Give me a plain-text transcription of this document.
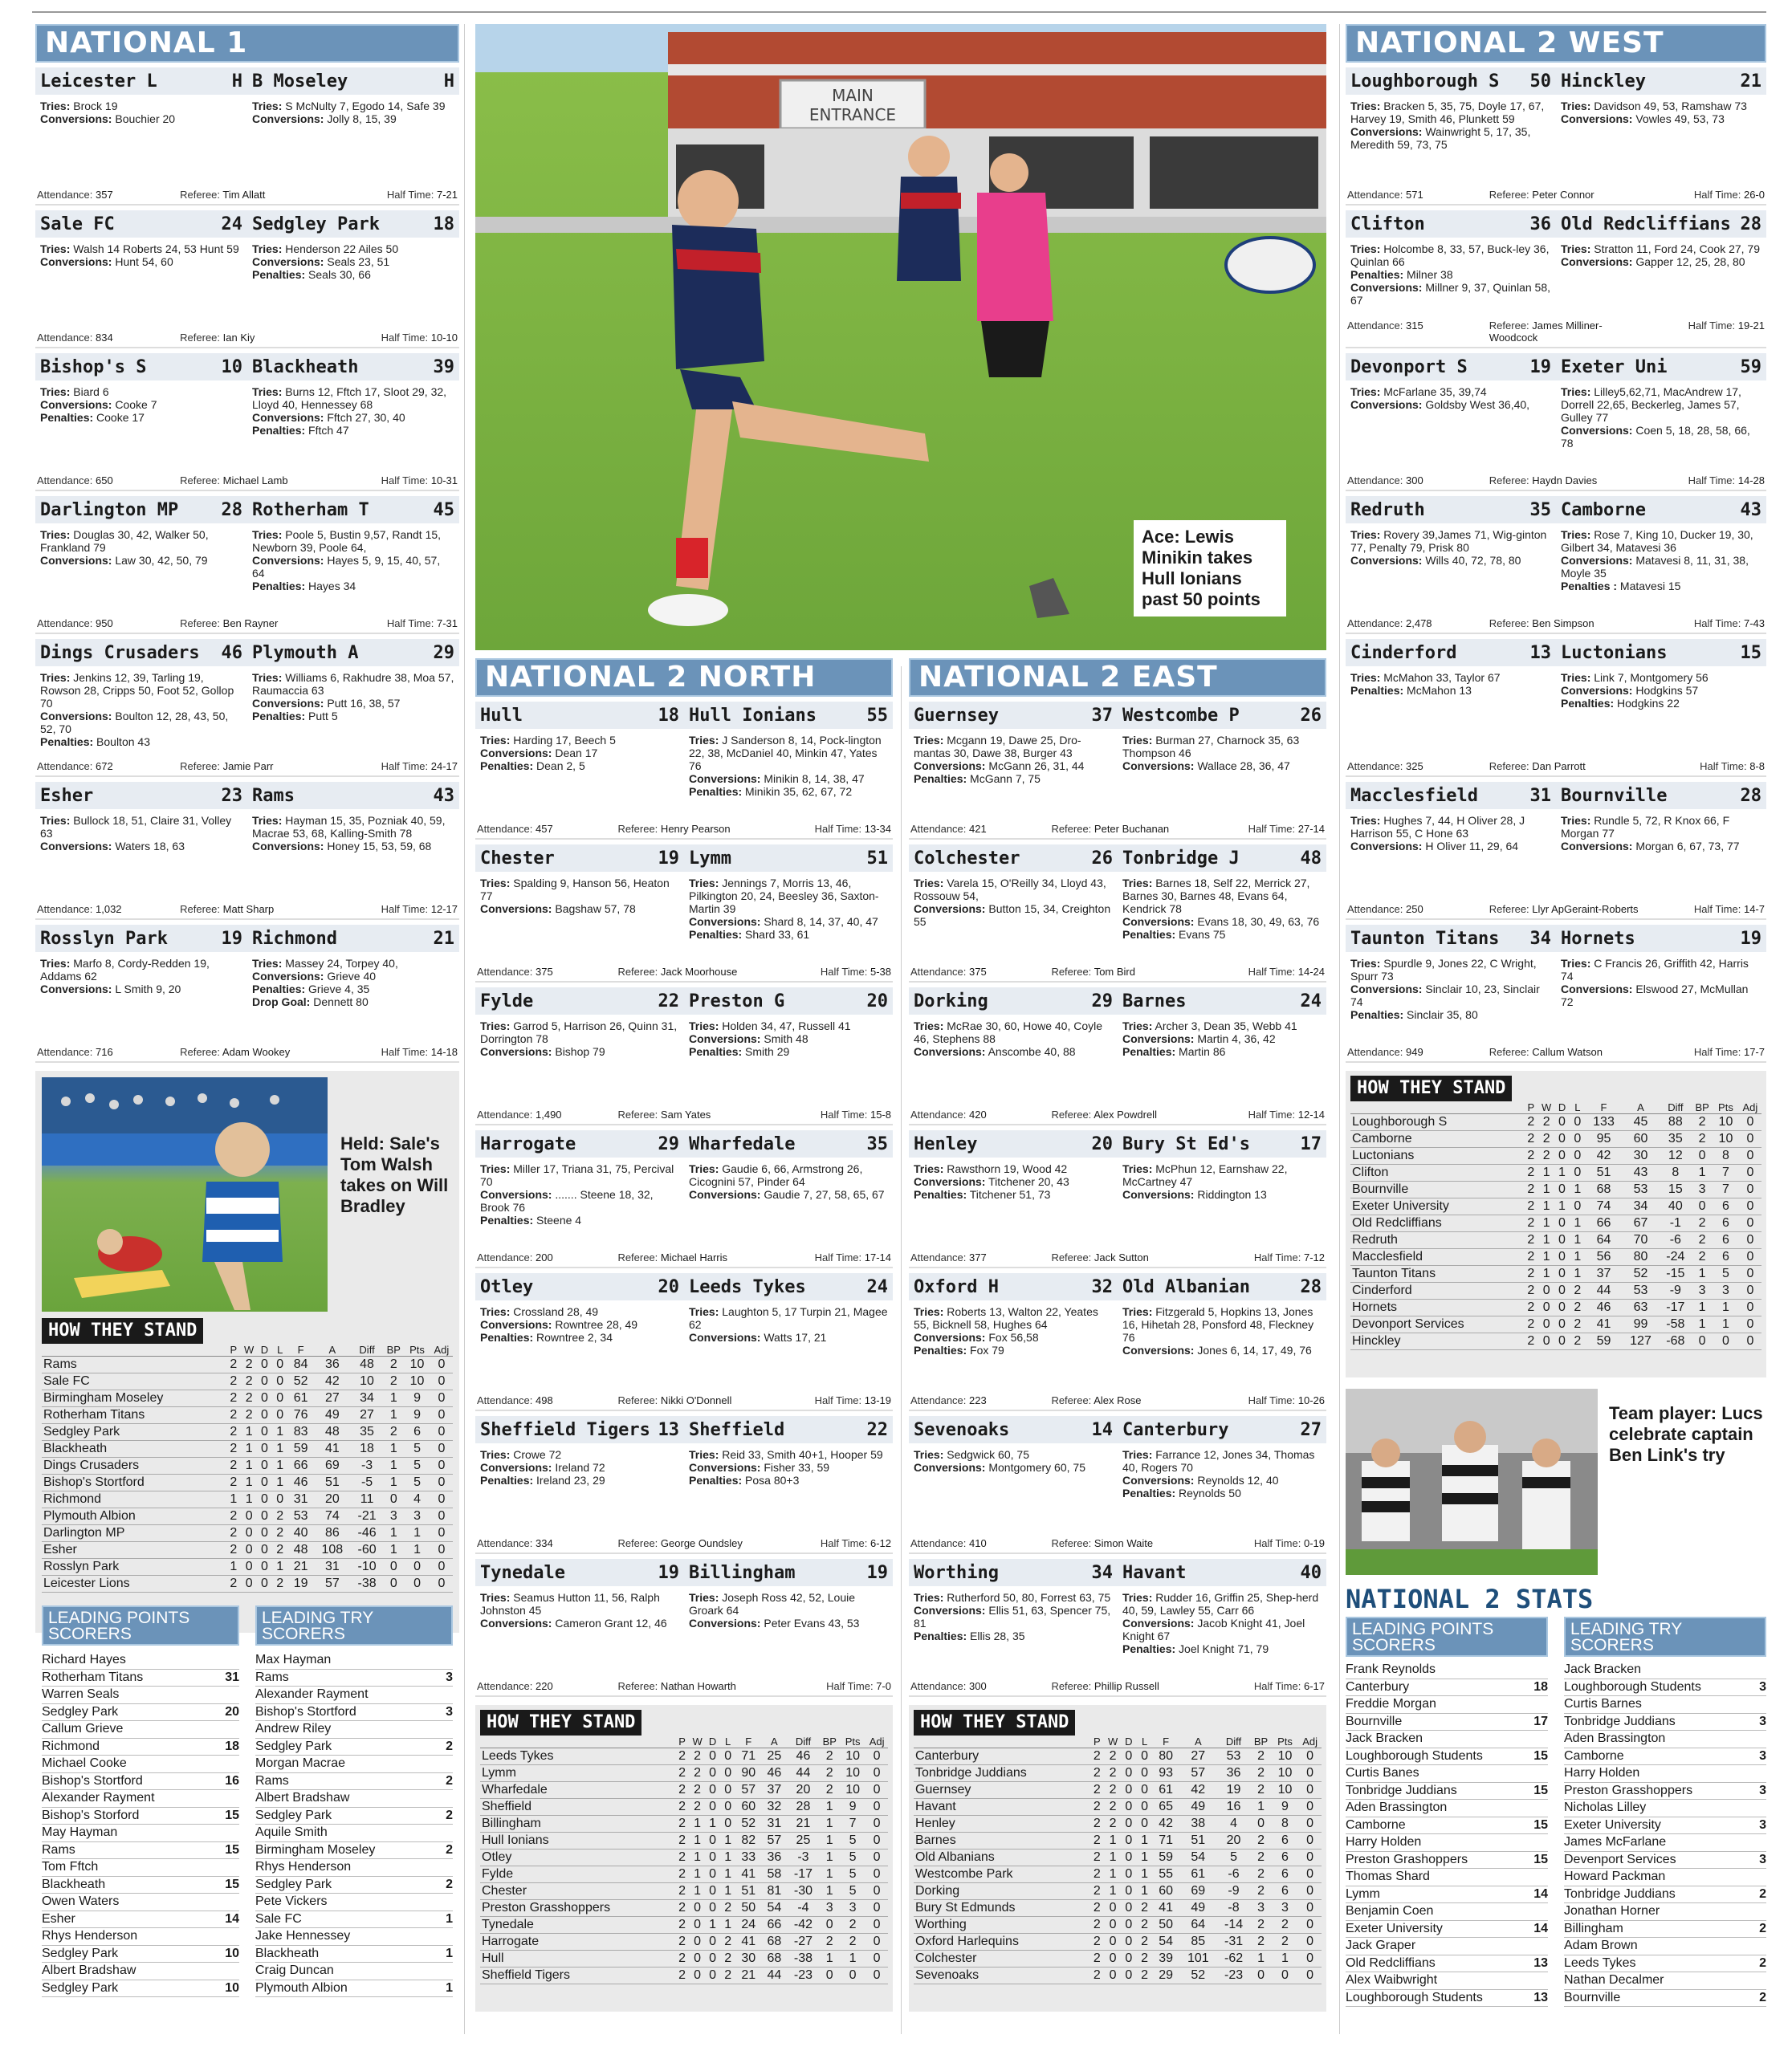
NATIONAL 1
Leicester L	H B Moseley	H
Tries: Brock 19
Conversions: Bouchier 20
Tries: S McNulty 7, Egodo 14, Safe 39
Conversions: Jolly 8, 15, 39
Attendance: 357	Referee: Tim Allatt	Half Time: 7-21
Sale FC	24 Sedgley Park	18
Tries: Walsh 14 Roberts 24, 53 Hunt 59
Conversions: Hunt 54, 60
Tries: Henderson 22 Ailes 50
Conversions: Seals 23, 51
Penalties: Seals 30, 66
Attendance: 834	Referee: Ian Kiy	Half Time: 10-10
Bishop's S	10 Blackheath	39
Tries: Biard 6
Conversions: Cooke 7
Penalties: Cooke 17
Tries: Burns 12, Fftch 17, Sloot 29, 32, Lloyd 40, Hennessey 68
Conversions: Fftch 27, 30, 40
Penalties: Fftch 47
Attendance: 650	Referee: Michael Lamb	Half Time: 10-31
Darlington MP 28 Rotherham T	45
Tries: Douglas 30, 42, Walker 50, Frankland 79
Conversions: Law 30, 42, 50, 79
Tries: Poole 5, Bustin 9,57, Randt 15, Newborn 39, Poole 64,
Conversions: Hayes 5, 9, 15, 40, 57, 64
Penalties: Hayes 34
Attendance: 950	Referee: Ben Rayner	Half Time: 7-31
Dings Crusaders 46 Plymouth A	29
Tries: Jenkins 12, 39, Tarling 19, Rowson 28, Cripps 50, Foot 52, Gollop 70
Conversions: Boulton 12, 28, 43, 50, 52, 70
Penalties: Boulton 43
Tries: Williams 6, Rakhudre 38, Moa 57, Raumaccia 63
Conversions: Putt 16, 38, 57
Penalties: Putt 5
Attendance: 672	Referee: Jamie Parr	Half Time: 24-17
Esher	23 Rams	43
Tries: Bullock 18, 51, Claire 31, Volley 63
Conversions: Waters 18, 63
Tries: Hayman 15, 35, Pozniak 40, 59, Macrae 53, 68, Kalling-Smith 78
Conversions: Honey 15, 53, 59, 68
Attendance: 1,032	Referee: Matt Sharp	Half Time: 12-17
Rosslyn Park	19 Richmond	21
Tries: Marfo 8, Cordy-Redden 19, Addams 62
Conversions: L Smith 9, 20
Tries: Massey 24, Torpey 40,
Conversions: Grieve 40
Penalties: Grieve 4, 35
Drop Goal: Dennett 80
Attendance: 716	Referee: Adam Wookey	Half Time: 14-18
Held: Sale's Tom Walsh takes on Will Bradley
HOW THEY STAND
	P	W	D	L	F	A	Diff	BP	Pts	Adj
Rams	2	2	0	0	84	36	48	2	10	0
Sale FC	2	2	0	0	52	42	10	2	10	0
Birmingham Moseley	2	2	0	0	61	27	34	1	9	0
Rotherham Titans	2	2	0	0	76	49	27	1	9	0
Sedgley Park	2	1	0	1	83	48	35	2	6	0
Blackheath	2	1	0	1	59	41	18	1	5	0
Dings Crusaders	2	1	0	1	66	69	-3	1	5	0
Bishop's Stortford	2	1	0	1	46	51	-5	1	5	0
Richmond	1	1	0	0	31	20	11	0	4	0
Plymouth Albion	2	0	0	2	53	74	-21	3	3	0
Darlington MP	2	0	0	2	40	86	-46	1	1	0
Esher	2	0	0	2	48	108	-60	1	1	0
Rosslyn Park	1	0	0	1	21	31	-10	0	0	0
Leicester Lions	2	0	0	2	19	57	-38	0	0	0
LEADING POINTS SCORERS
Richard Hayes
Rotherham Titans	31
Warren Seals
Sedgley Park	20
Callum Grieve
Richmond	18
Michael Cooke
Bishop's Stortford	16
Alexander Rayment
Bishop's Storford	15
May Hayman
Rams	15
Tom Fftch
Blackheath	15
Owen Waters
Esher	14
Rhys Henderson
Sedgley Park	10
Albert Bradshaw
Sedgley Park	10
LEADING TRY SCORERS
Max Hayman
Rams	3
Alexander Rayment
Bishop's Stortford	3
Andrew Riley
Sedgley Park	2
Morgan Macrae
Rams	2
Albert Bradshaw
Sedgley Park	2
Aquile Smith
Birmingham Moseley	2
Rhys Henderson
Sedgley Park	2
Pete Vickers
Sale FC	1
Jake Hennessey
Blackheath	1
Craig Duncan
Plymouth Albion	1
MAIN
ENTRANCE
Ace: Lewis Minikin takes Hull Ionians past 50 points
NATIONAL 2 NORTH
Hull	18 Hull Ionians	55
Tries: Harding 17, Beech 5
Conversions: Dean 17
Penalties: Dean 2, 5
Tries: J Sanderson 8, 14, Pock-lington 22, 38, McDaniel 40, Minkin 47, Yates 76
Conversions: Minikin 8, 14, 38, 47
Penalties: Minikin 35, 62, 67, 72
Attendance: 457	Referee: Henry Pearson	Half Time: 13-34
Chester	19 Lymm	51
Tries: Spalding 9, Hanson 56, Heaton 77
Conversions: Bagshaw 57, 78
Tries: Jennings 7, Morris 13, 46, Pilkington 20, 24, Beesley 36, Saxton-Martin 39
Conversions: Shard 8, 14, 37, 40, 47
Penalties: Shard 33, 61
Attendance: 375	Referee: Jack Moorhouse	Half Time: 5-38
Fylde	22 Preston G	20
Tries: Garrod 5, Harrison 26, Quinn 31, Dorrington 78
Conversions: Bishop 79
Tries: Holden 34, 47, Russell 41
Conversions: Smith 48
Penalties: Smith 29
Attendance: 1,490	Referee: Sam Yates	Half Time: 15-8
Harrogate	29 Wharfedale	35
Tries: Miller 17, Triana 31, 75, Percival 70
Conversions: ....... Steene 18, 32, Brook 76
Penalties: Steene 4
Tries: Gaudie 6, 66, Armstrong 26, Cicognini 57, Pinder 64
Conversions: Gaudie 7, 27, 58, 65, 67
Attendance: 200	Referee: Michael Harris	Half Time: 17-14
Otley	20 Leeds Tykes	24
Tries: Crossland 28, 49
Conversions: Rowntree 28, 49
Penalties: Rowntree 2, 34
Tries: Laughton 5, 17 Turpin 21, Magee 62
Conversions: Watts 17, 21
Attendance: 498	Referee: Nikki O'Donnell	Half Time: 13-19
Sheffield Tigers 13 Sheffield	22
Tries: Crowe 72
Conversions: Ireland 72
Penalties: Ireland 23, 29
Tries: Reid 33, Smith 40+1, Hooper 59
Conversions: Fisher 33, 59
Penalties: Posa 80+3
Attendance: 334	Referee: George Oundsley	Half Time: 6-12
Tynedale	19 Billingham	19
Tries: Seamus Hutton 11, 56, Ralph Johnston 45
Conversions: Cameron Grant 12, 46
Tries: Joseph Ross 42, 52, Louie Groark 64
Conversions: Peter Evans 43, 53
Attendance: 220	Referee: Nathan Howarth	Half Time: 7-0
HOW THEY STAND
	P	W	D	L	F	A	Diff	BP	Pts	Adj
Leeds Tykes	2	2	0	0	71	25	46	2	10	0
Lymm	2	2	0	0	90	46	44	2	10	0
Wharfedale	2	2	0	0	57	37	20	2	10	0
Sheffield	2	2	0	0	60	32	28	1	9	0
Billingham	2	1	1	0	52	31	21	1	7	0
Hull Ionians	2	1	0	1	82	57	25	1	5	0
Otley	2	1	0	1	33	36	-3	1	5	0
Fylde	2	1	0	1	41	58	-17	1	5	0
Chester	2	1	0	1	51	81	-30	1	5	0
Preston Grasshoppers	2	0	0	2	50	54	-4	3	3	0
Tynedale	2	0	1	1	24	66	-42	0	2	0
Harrogate	2	0	0	2	41	68	-27	2	2	0
Hull	2	0	0	2	30	68	-38	1	1	0
Sheffield Tigers	2	0	0	2	21	44	-23	0	0	0
NATIONAL 2 EAST
Guernsey	37 Westcombe P	26
Tries: Mcgann 19, Dawe 25, Dro-mantas 30, Dawe 38, Burger 43
Conversions: McGann 26, 31, 44
Penalties: McGann 7, 75
Tries: Burman 27, Charnock 35, 63 Thompson 46
Conversions: Wallace 28, 36, 47
Attendance: 421	Referee: Peter Buchanan	Half Time: 27-14
Colchester	26 Tonbridge J	48
Tries: Varela 15, O'Reilly 34, Lloyd 43, Rossouw 54,
Conversions: Button 15, 34, Creighton 55
Tries: Barnes 18, Self 22, Merrick 27, Barnes 30, Barnes 48, Evans 64, Kendrick 78
Conversions: Evans 18, 30, 49, 63, 76
Penalties: Evans 75
Attendance: 375	Referee: Tom Bird	Half Time: 14-24
Dorking	29 Barnes	24
Tries: McRae 30, 60, Howe 40, Coyle 46, Stephens 88
Conversions: Anscombe 40, 88
Tries: Archer 3, Dean 35, Webb 41
Conversions: Martin 4, 36, 42
Penalties: Martin 86
Attendance: 420	Referee: Alex Powdrell	Half Time: 12-14
Henley	20 Bury St Ed's	17
Tries: Rawsthorn 19, Wood 42
Conversions: Titchener 20, 43
Penalties: Titchener 51, 73
Tries: McPhun 12, Earnshaw 22, McCartney 47
Conversions: Riddington 13
Attendance: 377	Referee: Jack Sutton	Half Time: 7-12
Oxford H	32 Old Albanian	28
Tries: Roberts 13, Walton 22, Yeates 55, Bicknell 58, Hughes 64
Conversions: Fox 56,58
Penalties: Fox 79
Tries: Fitzgerald 5, Hopkins 13, Jones 16, Hihetah 28, Ponsford 48, Fleckney 76
Conversions: Jones 6, 14, 17, 49, 76
Attendance: 223	Referee: Alex Rose	Half Time: 10-26
Sevenoaks	14 Canterbury	27
Tries: Sedgwick 60, 75
Conversions: Montgomery 60, 75
Tries: Farrance 12, Jones 34, Thomas 40, Rogers 70
Conversions: Reynolds 12, 40
Penalties: Reynolds 50
Attendance: 410	Referee: Simon Waite	Half Time: 0-19
Worthing	34 Havant	40
Tries: Rutherford 50, 80, Forrest 63, 75
Conversions: Ellis 51, 63, Spencer 75, 81
Penalties: Ellis 28, 35
Tries: Rudder 16, Griffin 25, Shep-herd 40, 59, Lawley 55, Carr 66
Conversions: Jacob Knight 41, Joel Knight 67
Penalties: Joel Knight 71, 79
Attendance: 300	Referee: Phillip Russell	Half Time: 6-17
HOW THEY STAND
	P	W	D	L	F	A	Diff	BP	Pts	Adj
Canterbury	2	2	0	0	80	27	53	2	10	0
Tonbridge Juddians	2	2	0	0	93	57	36	2	10	0
Guernsey	2	2	0	0	61	42	19	2	10	0
Havant	2	2	0	0	65	49	16	1	9	0
Henley	2	2	0	0	42	38	4	0	8	0
Barnes	2	1	0	1	71	51	20	2	6	0
Old Albanians	2	1	0	1	59	54	5	2	6	0
Westcombe Park	2	1	0	1	55	61	-6	2	6	0
Dorking	2	1	0	1	60	69	-9	2	6	0
Bury St Edmunds	2	0	0	2	41	49	-8	3	3	0
Worthing	2	0	0	2	50	64	-14	2	2	0
Oxford Harlequins	2	0	0	2	54	85	-31	2	2	0
Colchester	2	0	0	2	39	101	-62	1	1	0
Sevenoaks	2	0	0	2	29	52	-23	0	0	0
NATIONAL 2 WEST
Loughborough S 50 Hinckley	21
Tries: Bracken 5, 35, 75, Doyle 17, 67, Harvey 19, Smith 46, Plunkett 59
Conversions: Wainwright 5, 17, 35, Meredith 59, 73, 75
Tries: Davidson 49, 53, Ramshaw 73
Conversions: Vowles 49, 53, 73
Attendance: 571	Referee: Peter Connor	Half Time: 26-0
Clifton	36 Old Redcliffians 28
Tries: Holcombe 8, 33, 57, Buck-ley 36, Quinlan 66
Penalties: Milner 38
Conversions: Millner 9, 37, Quinlan 58, 67
Tries: Stratton 11, Ford 24, Cook 27, 79
Conversions: Gapper 12, 25, 28, 80
Attendance: 315	Referee: James Milliner-Woodcock
Half Time: 19-21
Devonport S	19 Exeter Uni	59
Tries: McFarlane 35, 39,74
Conversions: Goldsby West 36,40,
Tries: Lilley5,62,71, MacAndrew 17, Dorrell 22,65, Beckerleg, James 57, Gulley 77
Conversions: Coen 5, 18, 28, 58, 66, 78
Attendance: 300	Referee: Haydn Davies	Half Time: 14-28
Redruth	35 Camborne	43
Tries: Rovery 39,James 71, Wig-ginton 77, Penalty 79, Prisk 80
Conversions: Wills 40, 72, 78, 80
Tries: Rose 7, King 10, Ducker 19, 30, Gilbert 34, Matavesi 36
Conversions: Matavesi 8, 11, 31, 38, Moyle 35
Penalties : Matavesi 15
Attendance: 2,478	Referee: Ben Simpson	Half Time: 7-43
Cinderford	13 Luctonians	15
Tries: McMahon 33, Taylor 67
Penalties: McMahon 13
Tries: Link 7, Montgomery 56
Conversions: Hodgkins 57
Penalties: Hodgkins 22
Attendance: 325	Referee: Dan Parrott	Half Time: 8-8
Macclesfield	31 Bournville	28
Tries: Hughes 7, 44, H Oliver 28, J Harrison 55, C Hone 63
Conversions: H Oliver 11, 29, 64
Tries: Rundle 5, 72, R Knox 66, F Morgan 77
Conversions: Morgan 6, 67, 73, 77
Attendance: 250	Referee: Llyr ApGeraint-Roberts	Half Time: 14-7
Taunton Titans 34 Hornets	19
Tries: Spurdle 9, Jones 22, C Wright, Spurr 73
Conversions: Sinclair 10, 23, Sinclair 74
Penalties: Sinclair 35, 80
Tries: C Francis 26, Griffith 42, Harris 74
Conversions: Elswood 27, McMullan 72
Attendance: 949	Referee: Callum Watson	Half Time: 17-7
HOW THEY STAND
	P	W	D	L	F	A	Diff	BP	Pts	Adj
Loughborough S	2	2	0	0	133	45	88	2	10	0
Camborne	2	2	0	0	95	60	35	2	10	0
Luctonians	2	2	0	0	42	30	12	0	8	0
Clifton	2	1	1	0	51	43	8	1	7	0
Bournville	2	1	0	1	68	53	15	3	7	0
Exeter University	2	1	1	0	74	34	40	0	6	0
Old Redcliffians	2	1	0	1	66	67	-1	2	6	0
Redruth	2	1	0	1	64	70	-6	2	6	0
Macclesfield	2	1	0	1	56	80	-24	2	6	0
Taunton Titans	2	1	0	1	37	52	-15	1	5	0
Cinderford	2	0	0	2	44	53	-9	3	3	0
Hornets	2	0	0	2	46	63	-17	1	1	0
Devonport Services	2	0	0	2	41	99	-58	1	1	0
Hinckley	2	0	0	2	59	127	-68	0	0	0
Team player: Lucs celebrate captain Ben Link's try
NATIONAL 2 STATS
LEADING POINTS SCORERS
Frank Reynolds
Canterbury	18
Freddie Morgan
Bournville	17
Jack Bracken
Loughborough Students	15
Curtis Banes
Tonbridge Juddians	15
Aden Brassington
Camborne	15
Harry Holden
Preston Grashoppers	15
Thomas Shard
Lymm	14
Benjamin Coen
Exeter University	14
Jack Graper
Old Redcliffians	13
Alex Waibwright
Loughborough Students	13
LEADING TRY SCORERS
Jack Bracken
Loughborough Students	3
Curtis Barnes
Tonbridge Juddians	3
Aden Brassington
Camborne	3
Harry Holden
Preston Grasshoppers	3
Nicholas Lilley
Exeter University	3
James McFarlane
Devenport Services	3
Howard Packman
Tonbridge Juddians	2
Jonathan Horner
Billingham	2
Adam Brown
Leeds Tykes	2
Nathan Decalmer
Bournville	2
